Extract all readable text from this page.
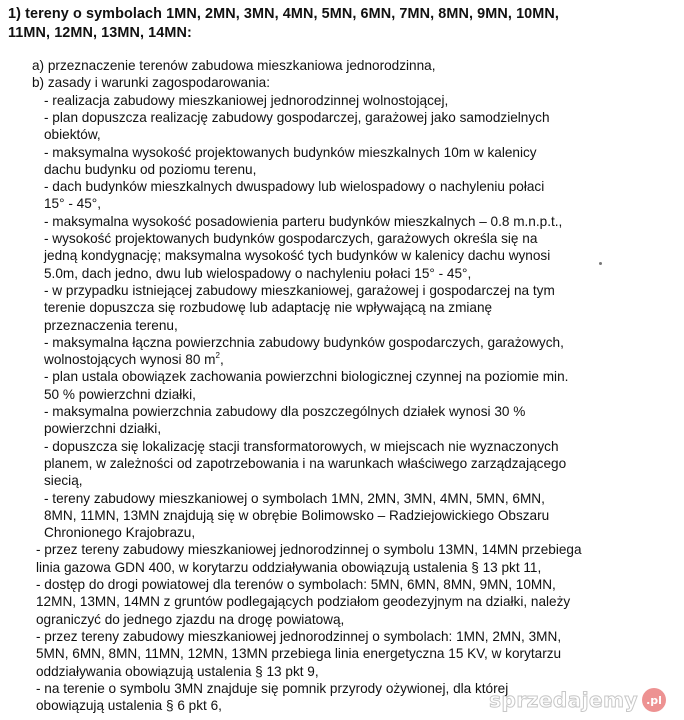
1) tereny o symbolach 1MN, 2MN, 3MN, 4MN, 5MN, 6MN, 7MN, 8MN, 9MN, 10MN,
11MN, 12MN, 13MN, 14MN:
a) przeznaczenie terenów zabudowa mieszkaniowa jednorodzinna,
b) zasady i warunki zagospodarowania:
- realizacja zabudowy mieszkaniowej jednorodzinnej wolnostojącej,
- plan dopuszcza realizację zabudowy gospodarczej, garażowej jako samodzielnych
obiektów,
- maksymalna wysokość projektowanych budynków mieszkalnych 10m w kalenicy
dachu budynku od poziomu terenu,
- dach budynków mieszkalnych dwuspadowy lub wielospadowy o nachyleniu połaci
15° - 45°,
- maksymalna wysokość posadowienia parteru budynków mieszkalnych – 0.8 m.n.p.t.,
- wysokość projektowanych budynków gospodarczych, garażowych określa się na
jedną kondygnację; maksymalna wysokość tych budynków w kalenicy dachu wynosi
5.0m, dach jedno, dwu lub wielospadowy o nachyleniu połaci 15° - 45°,
- w przypadku istniejącej zabudowy mieszkaniowej, garażowej i gospodarczej na tym
terenie dopuszcza się rozbudowę lub adaptację nie wpływającą na zmianę
przeznaczenia terenu,
- maksymalna łączna powierzchnia zabudowy budynków gospodarczych, garażowych,
wolnostojących wynosi 80 $m^2$,
- plan ustala obowiązek zachowania powierzchni biologicznej czynnej na poziomie min.
50 % powierzchni działki,
- maksymalna powierzchnia zabudowy dla poszczególnych działek wynosi 30 %
powierzchni działki,
- dopuszcza się lokalizację stacji transformatorowych, w miejscach nie wyznaczonych
planem, w zależności od zapotrzebowania i na warunkach właściwego zarządzającego
siecią,
- tereny zabudowy mieszkaniowej o symbolach 1MN, 2MN, 3MN, 4MN, 5MN, 6MN,
8MN, 11MN, 13MN znajdują się w obrębie Bolimowsko – Radziejowickiego Obszaru
Chronionego Krajobrazu,
- przez tereny zabudowy mieszkaniowej jednorodzinnej o symbolu 13MN, 14MN przebiega
linia gazowa GDN 400, w korytarzu oddziaływania obowiązują ustalenia § 13 pkt 11,
- dostęp do drogi powiatowej dla terenów o symbolach: 5MN, 6MN, 8MN, 9MN, 10MN,
12MN, 13MN, 14MN z gruntów podlegających podziałom geodezyjnym na działki, należy
ograniczyć do jednego zjazdu na drogę powiatową,
- przez tereny zabudowy mieszkaniowej jednorodzinnej o symbolach: 1MN, 2MN, 3MN,
5MN, 6MN, 8MN, 11MN, 12MN, 13MN przebiega linia energetyczna 15 KV, w korytarzu
oddziaływania obowiązują ustalenia § 13 pkt 9,
- na terenie o symbolu 3MN znajduje się pomnik przyrody ożywionej, dla której
obowiązują ustalenia § 6 pkt 6,	sprzedajemy .pl
